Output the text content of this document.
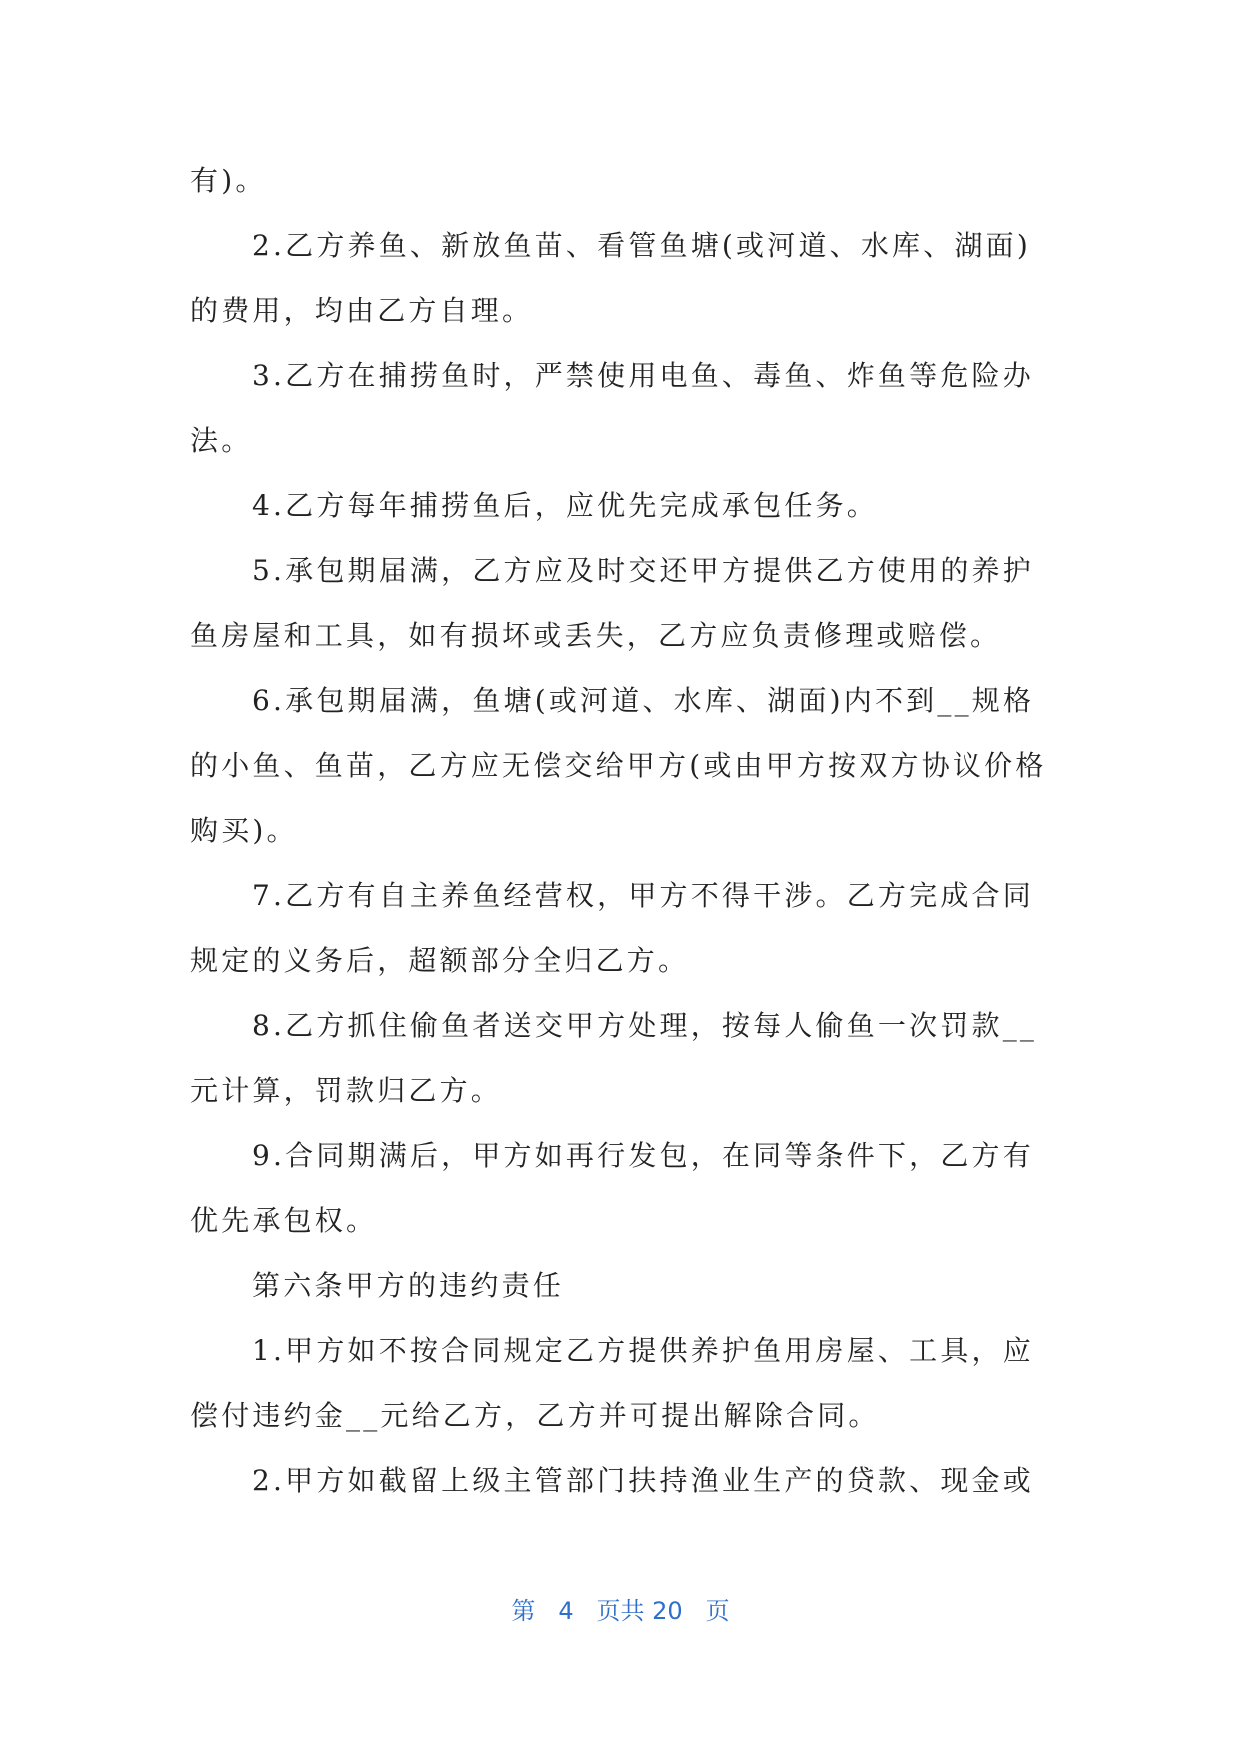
有)。

2.乙方养鱼、新放鱼苗、看管鱼塘(或河道、水库、湖面)的费用，均由乙方自理。

3.乙方在捕捞鱼时，严禁使用电鱼、毒鱼、炸鱼等危险办法。

4.乙方每年捕捞鱼后，应优先完成承包任务。

5.承包期届满，乙方应及时交还甲方提供乙方使用的养护鱼房屋和工具，如有损坏或丢失，乙方应负责修理或赔偿。

6.承包期届满，鱼塘(或河道、水库、湖面)内不到__规格的小鱼、鱼苗，乙方应无偿交给甲方(或由甲方按双方协议价格购买)。

7.乙方有自主养鱼经营权，甲方不得干涉。乙方完成合同规定的义务后，超额部分全归乙方。

8.乙方抓住偷鱼者送交甲方处理，按每人偷鱼一次罚款__元计算，罚款归乙方。

9.合同期满后，甲方如再行发包，在同等条件下，乙方有优先承包权。

第六条甲方的违约责任

1.甲方如不按合同规定乙方提供养护鱼用房屋、工具，应偿付违约金__元给乙方，乙方并可提出解除合同。

2.甲方如截留上级主管部门扶持渔业生产的贷款、现金或

第 4 页共 20 页
